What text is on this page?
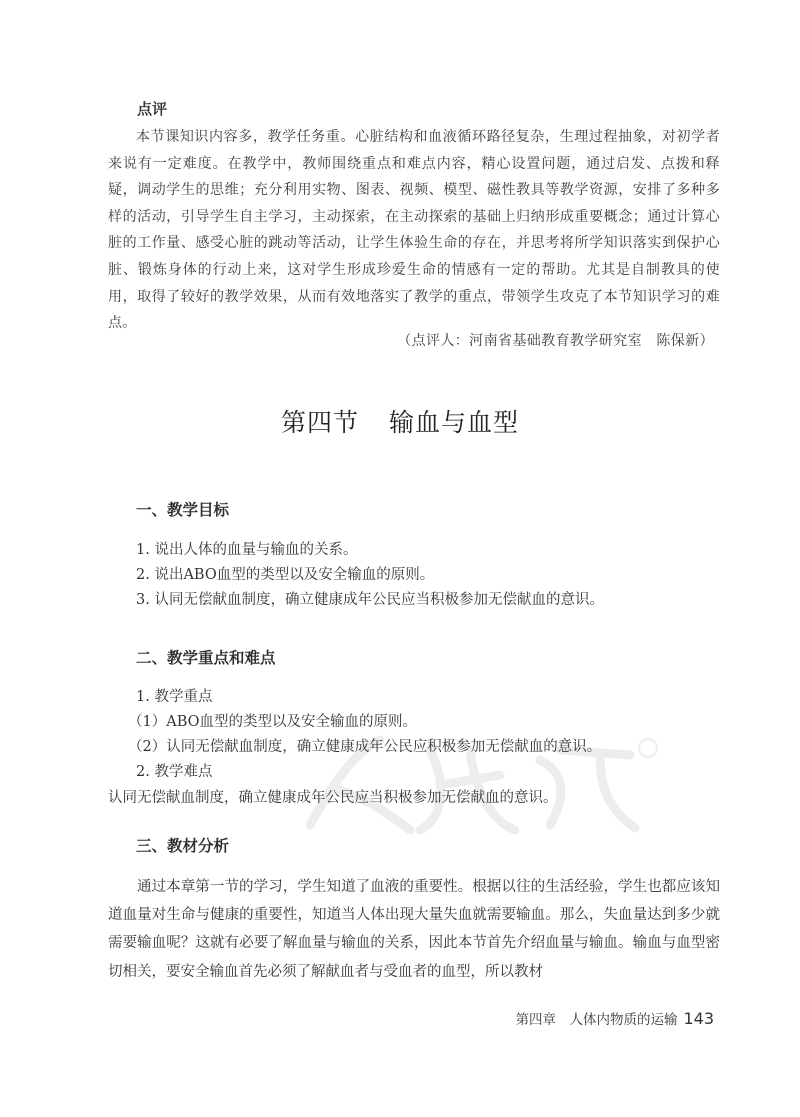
点评
本节课知识内容多，教学任务重。心脏结构和血液循环路径复杂，生理过程抽象，对初学者来说有一定难度。在教学中，教师围绕重点和难点内容，精心设置问题，通过启发、点拨和释疑，调动学生的思维；充分利用实物、图表、视频、模型、磁性教具等教学资源，安排了多种多样的活动，引导学生自主学习，主动探索，在主动探索的基础上归纳形成重要概念；通过计算心脏的工作量、感受心脏的跳动等活动，让学生体验生命的存在，并思考将所学知识落实到保护心脏、锻炼身体的行动上来，这对学生形成珍爱生命的情感有一定的帮助。尤其是自制教具的使用，取得了较好的教学效果，从而有效地落实了教学的重点，带领学生攻克了本节知识学习的难点。
（点评人：河南省基础教育教学研究室　陈保新）
第四节 输血与血型
一、教学目标
1. 说出人体的血量与输血的关系。
2. 说出ABO血型的类型以及安全输血的原则。
3. 认同无偿献血制度，确立健康成年公民应当积极参加无偿献血的意识。
二、教学重点和难点
1. 教学重点
（1）ABO血型的类型以及安全输血的原则。
（2）认同无偿献血制度，确立健康成年公民应积极参加无偿献血的意识。
2. 教学难点
认同无偿献血制度，确立健康成年公民应当积极参加无偿献血的意识。
三、教材分析
通过本章第一节的学习，学生知道了血液的重要性。根据以往的生活经验，学生也都应该知道血量对生命与健康的重要性，知道当人体出现大量失血就需要输血。那么，失血量达到多少就需要输血呢？这就有必要了解血量与输血的关系，因此本节首先介绍血量与输血。输血与血型密切相关，要安全输血首先必须了解献血者与受血者的血型，所以教材
第四章　人体内物质的运输 143
